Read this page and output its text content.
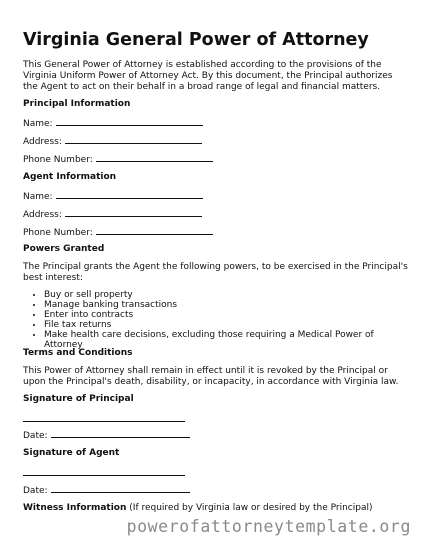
Virginia General Power of Attorney

This General Power of Attorney is established according to the provisions of the Virginia Uniform Power of Attorney Act. By this document, the Principal authorizes the Agent to act on their behalf in a broad range of legal and financial matters.

Principal Information
Name:
Address:
Phone Number:
Agent Information
Name:
Address:
Phone Number:
Powers Granted

The Principal grants the Agent the following powers, to be exercised in the Principal's best interest:

• Buy or sell property
• Manage banking transactions
• Enter into contracts
• File tax returns
• Make health care decisions, excluding those requiring a Medical Power of Attorney
Terms and Conditions

This Power of Attorney shall remain in effect until it is revoked by the Principal or upon the Principal's death, disability, or incapacity, in accordance with Virginia law.

Signature of Principal
Date:
Signature of Agent
Date:
Witness Information (If required by Virginia law or desired by the Principal)
powerofattorneytemplate.org
